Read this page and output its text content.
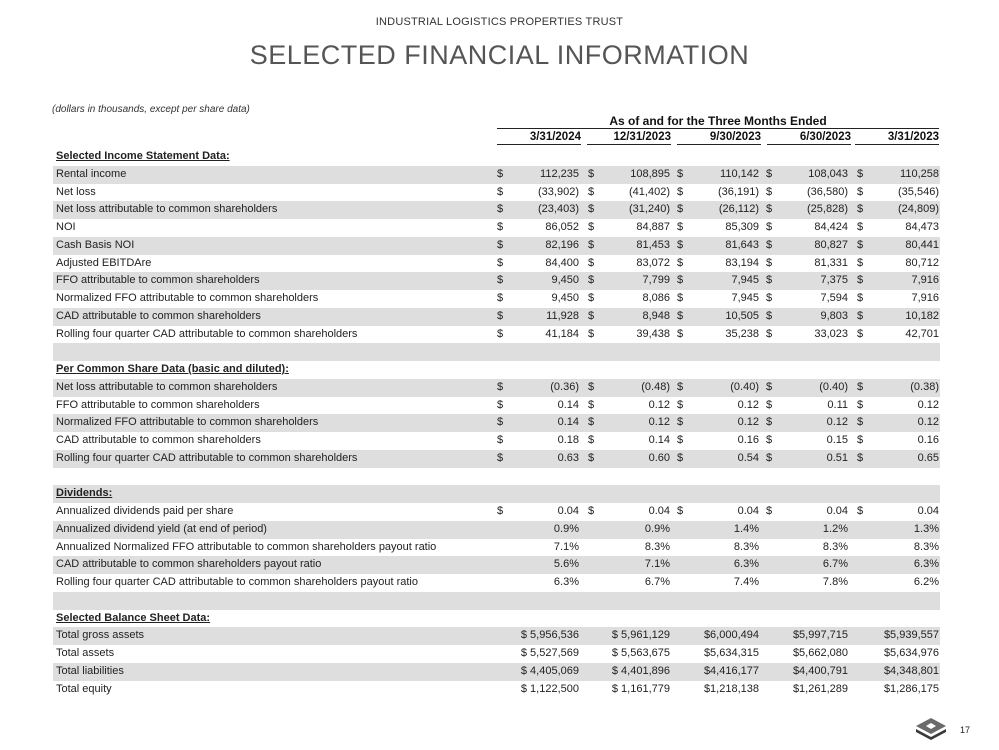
INDUSTRIAL LOGISTICS PROPERTIES TRUST
SELECTED FINANCIAL INFORMATION
(dollars in thousands, except per share data)
As of and for the Three Months Ended
3/31/2024	12/31/2023	9/30/2023	6/30/2023	3/31/2023
Selected Income Statement Data:
Rental income	$	112,235 $	108,895 $	110,142 $	108,043 $	110,258
Net loss	$	(33,902) $	(41,402) $	(36,191) $	(36,580) $	(35,546)
Net loss attributable to common shareholders	$	(23,403) $	(31,240) $	(26,112) $	(25,828) $	(24,809)
NOI	$	86,052 $	84,887 $	85,309 $	84,424 $	84,473
Cash Basis NOI	$	82,196 $	81,453 $	81,643 $	80,827 $	80,441
Adjusted EBITDAre	$	84,400 $	83,072 $	83,194 $	81,331 $	80,712
FFO attributable to common shareholders	$	9,450 $	7,799 $	7,945 $	7,375 $	7,916
Normalized FFO attributable to common shareholders	$	9,450 $	8,086 $	7,945 $	7,594 $	7,916
CAD attributable to common shareholders	$	11,928 $	8,948 $	10,505 $	9,803 $	10,182
Rolling four quarter CAD attributable to common shareholders	$	41,184 $	39,438 $	35,238 $	33,023 $	42,701
Per Common Share Data (basic and diluted):
Net loss attributable to common shareholders	$	(0.36) $	(0.48) $	(0.40) $	(0.40) $	(0.38)
FFO attributable to common shareholders	$	0.14 $	0.12 $	0.12 $	0.11 $	0.12
Normalized FFO attributable to common shareholders	$	0.14 $	0.12 $	0.12 $	0.12 $	0.12
CAD attributable to common shareholders	$	0.18 $	0.14 $	0.16 $	0.15 $	0.16
Rolling four quarter CAD attributable to common shareholders	$	0.63 $	0.60 $	0.54 $	0.51 $	0.65
Dividends:
Annualized dividends paid per share	$	0.04 $	0.04 $	0.04 $	0.04 $	0.04
Annualized dividend yield (at end of period)	0.9%	0.9%	1.4%	1.2%	1.3%
Annualized Normalized FFO attributable to common shareholders payout ratio	7.1%	8.3%	8.3%	8.3%	8.3%
CAD attributable to common shareholders payout ratio	5.6%	7.1%	6.3%	6.7%	6.3%
Rolling four quarter CAD attributable to common shareholders payout ratio	6.3%	6.7%	7.4%	7.8%	6.2%
Selected Balance Sheet Data:
Total gross assets	$ 5,956,536	$ 5,961,129	$6,000,494	$5,997,715	$5,939,557
Total assets	$ 5,527,569	$ 5,563,675	$5,634,315	$5,662,080	$5,634,976
Total liabilities	$ 4,405,069	$ 4,401,896	$4,416,177	$4,400,791	$4,348,801
Total equity	$ 1,122,500	$ 1,161,779	$1,218,138	$1,261,289	$1,286,175
17
